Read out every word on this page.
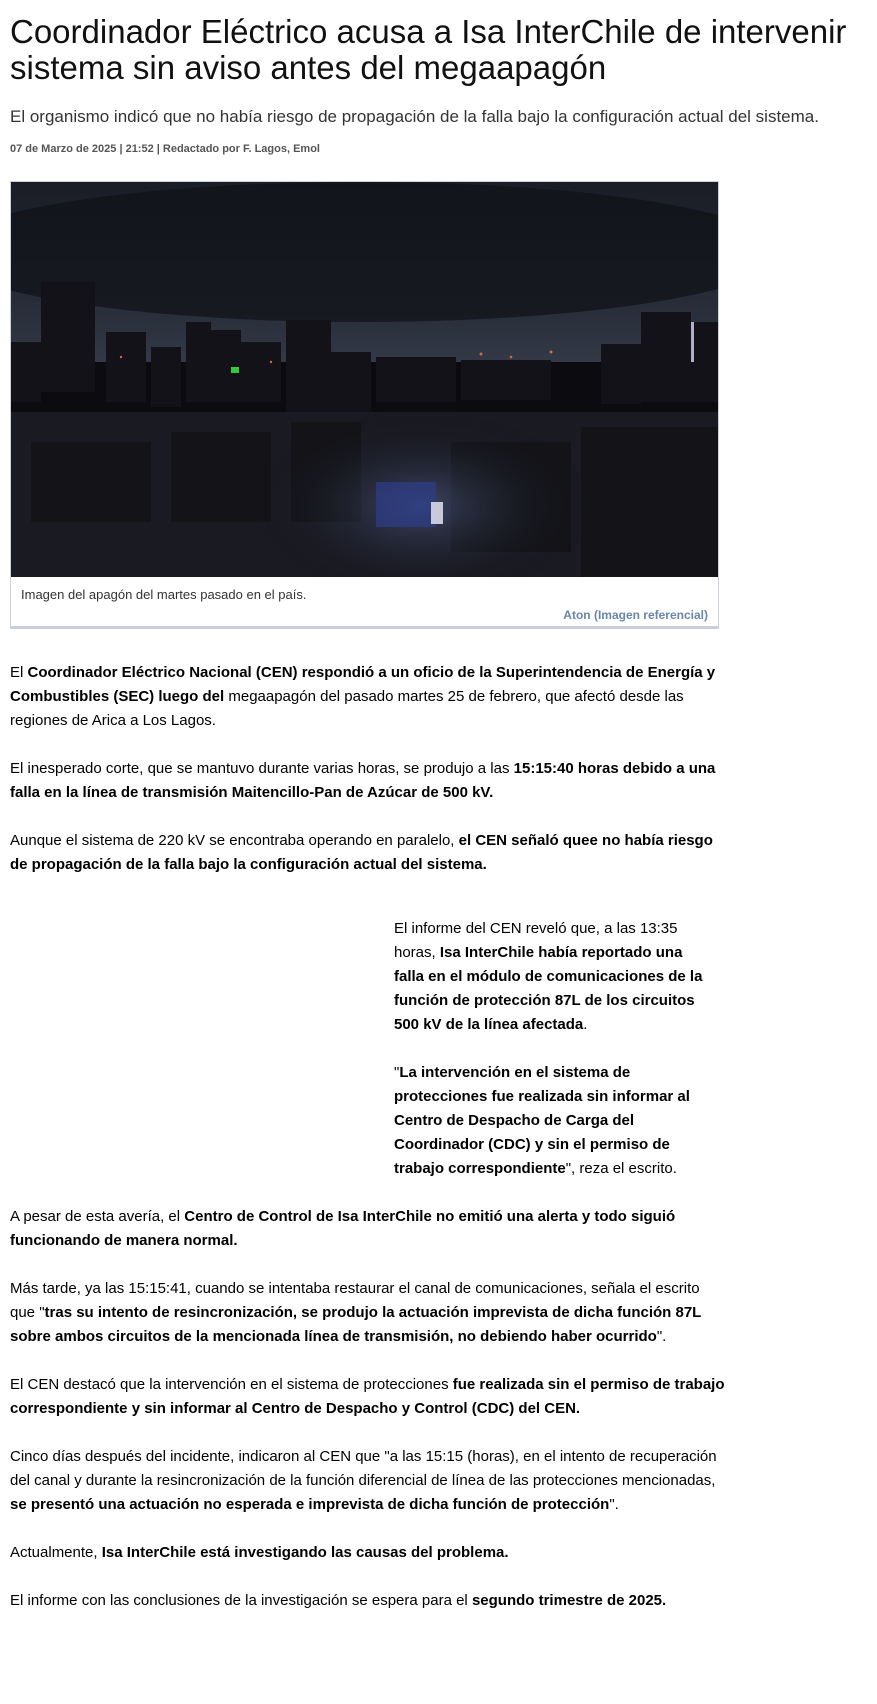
Coordinador Eléctrico acusa a Isa InterChile de intervenir sistema sin aviso antes del megaapagón

El organismo indicó que no había riesgo de propagación de la falla bajo la configuración actual del sistema.

07 de Marzo de 2025 | 21:52 | Redactado por F. Lagos, Emol

Imagen del apagón del martes pasado en el país.
Aton (Imagen referencial)

El Coordinador Eléctrico Nacional (CEN) respondió a un oficio de la Superintendencia de Energía y Combustibles (SEC) luego del megaapagón del pasado martes 25 de febrero, que afectó desde las regiones de Arica a Los Lagos.

El inesperado corte, que se mantuvo durante varias horas, se produjo a las 15:15:40 horas debido a una falla en la línea de transmisión Maitencillo-Pan de Azúcar de 500 kV.

Aunque el sistema de 220 kV se encontraba operando en paralelo, el CEN señaló quee no había riesgo de propagación de la falla bajo la configuración actual del sistema.

El informe del CEN reveló que, a las 13:35 horas, Isa InterChile había reportado una falla en el módulo de comunicaciones de la función de protección 87L de los circuitos 500 kV de la línea afectada.

"La intervención en el sistema de protecciones fue realizada sin informar al Centro de Despacho de Carga del Coordinador (CDC) y sin el permiso de trabajo correspondiente", reza el escrito.

A pesar de esta avería, el Centro de Control de Isa InterChile no emitió una alerta y todo siguió funcionando de manera normal.

Más tarde, ya las 15:15:41, cuando se intentaba restaurar el canal de comunicaciones, señala el escrito que "tras su intento de resincronización, se produjo la actuación imprevista de dicha función 87L sobre ambos circuitos de la mencionada línea de transmisión, no debiendo haber ocurrido".

El CEN destacó que la intervención en el sistema de protecciones fue realizada sin el permiso de trabajo correspondiente y sin informar al Centro de Despacho y Control (CDC) del CEN.

Cinco días después del incidente, indicaron al CEN que "a las 15:15 (horas), en el intento de recuperación del canal y durante la resincronización de la función diferencial de línea de las protecciones mencionadas, se presentó una actuación no esperada e imprevista de dicha función de protección".

Actualmente, Isa InterChile está investigando las causas del problema.

El informe con las conclusiones de la investigación se espera para el segundo trimestre de 2025.
